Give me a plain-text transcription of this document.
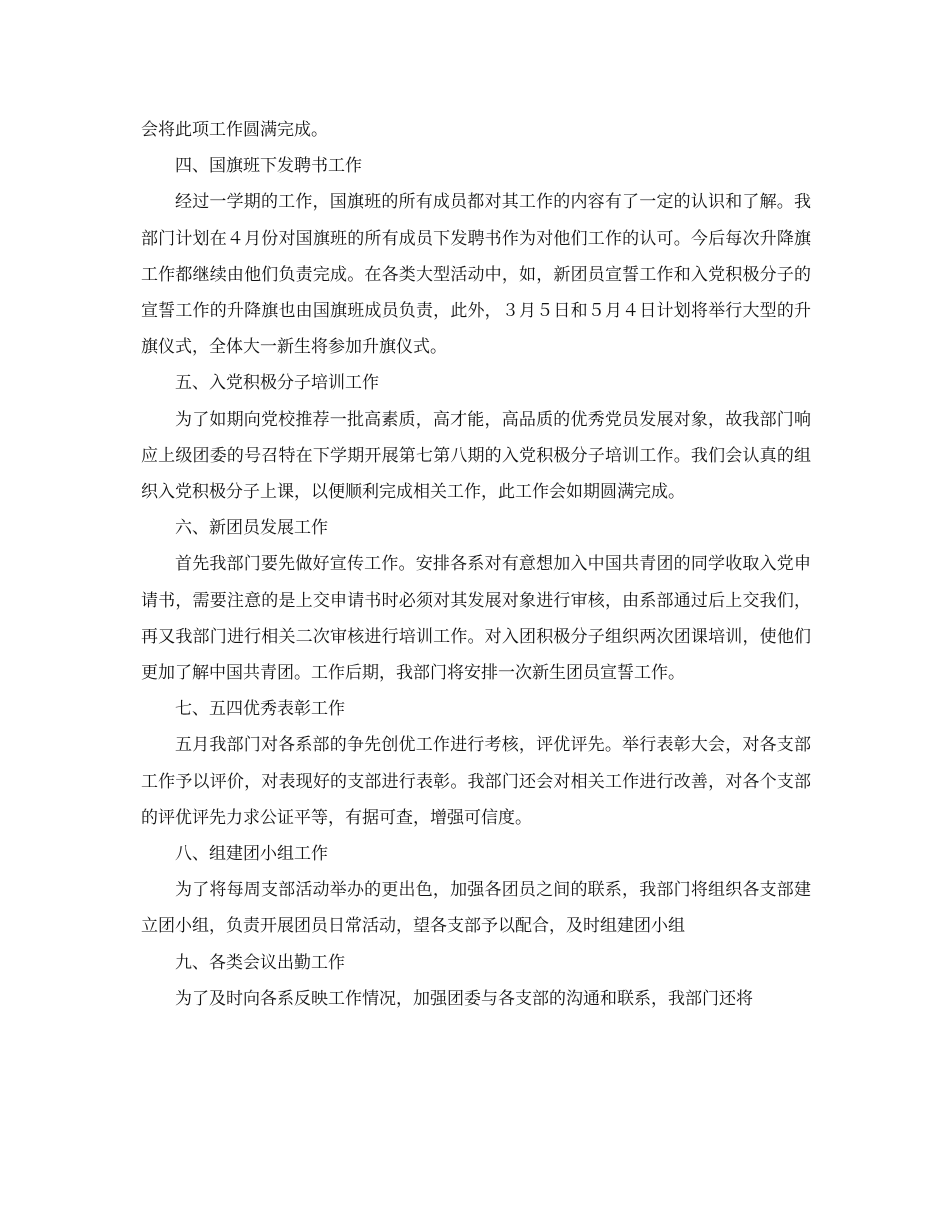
会将此项工作圆满完成。

四、国旗班下发聘书工作

经过一学期的工作，国旗班的所有成员都对其工作的内容有了一定的认识和了解。我部门计划在４月份对国旗班的所有成员下发聘书作为对他们工作的认可。今后每次升降旗工作都继续由他们负责完成。在各类大型活动中，如，新团员宣誓工作和入党积极分子的宣誓工作的升降旗也由国旗班成员负责，此外，３月５日和５月４日计划将举行大型的升旗仪式，全体大一新生将参加升旗仪式。

五、入党积极分子培训工作

为了如期向党校推荐一批高素质，高才能，高品质的优秀党员发展对象，故我部门响应上级团委的号召特在下学期开展第七第八期的入党积极分子培训工作。我们会认真的组织入党积极分子上课，以便顺利完成相关工作，此工作会如期圆满完成。

六、新团员发展工作

首先我部门要先做好宣传工作。安排各系对有意想加入中国共青团的同学收取入党申请书，需要注意的是上交申请书时必须对其发展对象进行审核，由系部通过后上交我们，再又我部门进行相关二次审核进行培训工作。对入团积极分子组织两次团课培训，使他们更加了解中国共青团。工作后期，我部门将安排一次新生团员宣誓工作。

七、五四优秀表彰工作

五月我部门对各系部的争先创优工作进行考核，评优评先。举行表彰大会，对各支部工作予以评价，对表现好的支部进行表彰。我部门还会对相关工作进行改善，对各个支部的评优评先力求公证平等，有据可查，增强可信度。

八、组建团小组工作

为了将每周支部活动举办的更出色，加强各团员之间的联系，我部门将组织各支部建立团小组，负责开展团员日常活动，望各支部予以配合，及时组建团小组

九、各类会议出勤工作

为了及时向各系反映工作情况，加强团委与各支部的沟通和联系，我部门还将
